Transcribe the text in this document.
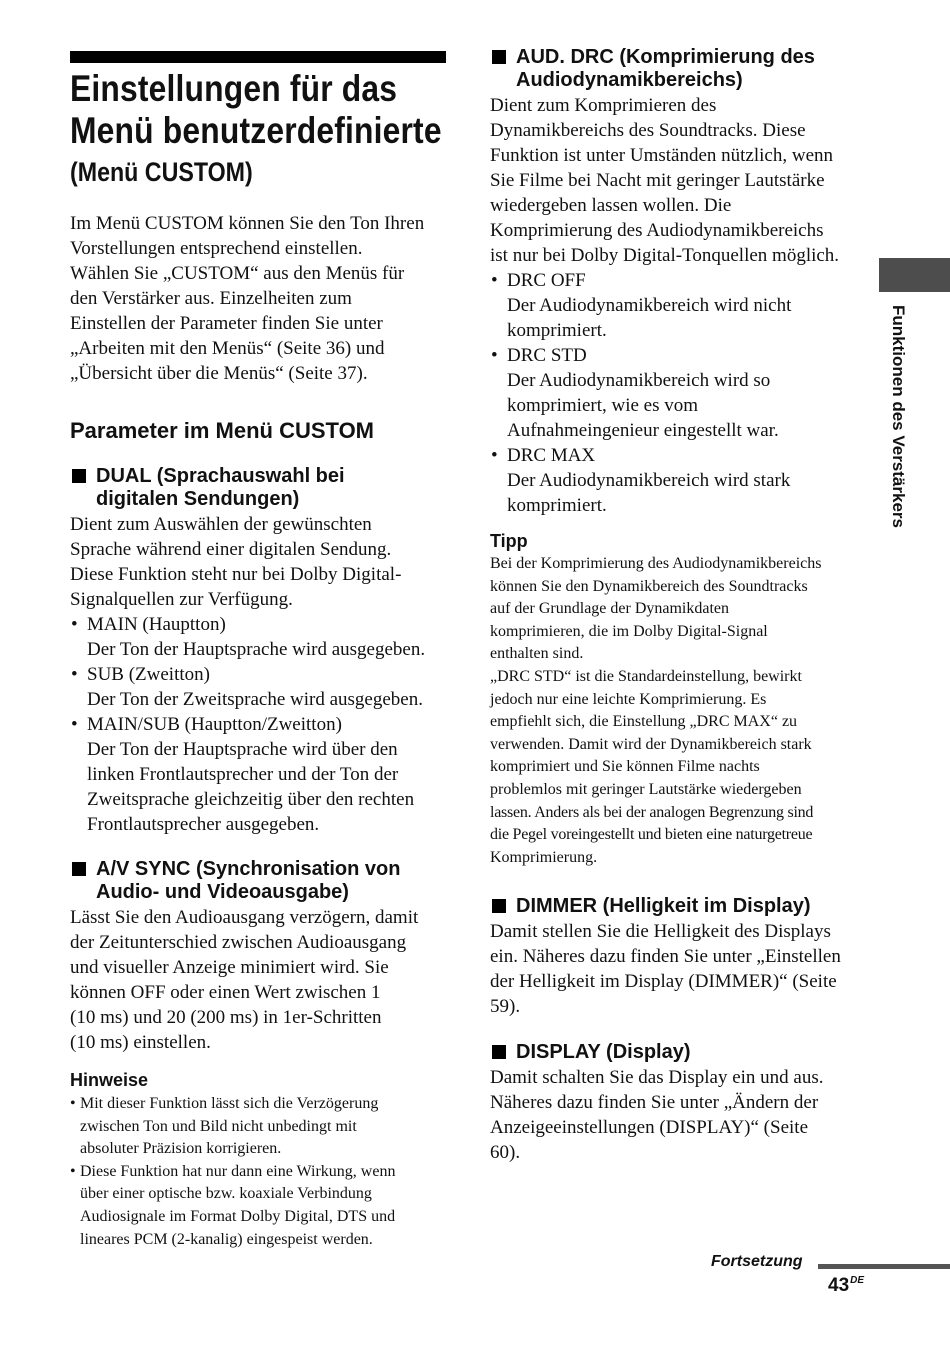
Einstellungen für das
Menü benutzerdefinierte
(Menü CUSTOM)

Im Menü CUSTOM können Sie den Ton Ihren

Vorstellungen entsprechend einstellen.

Wählen Sie „CUSTOM“ aus den Menüs für

den Verstärker aus. Einzelheiten zum

Einstellen der Parameter finden Sie unter

„Arbeiten mit den Menüs“ (Seite 36) und

„Übersicht über die Menüs“ (Seite 37).

Parameter im Menü CUSTOM
DUAL (Sprachauswahl bei
digitalen Sendungen)

Dient zum Auswählen der gewünschten

Sprache während einer digitalen Sendung.

Diese Funktion steht nur bei Dolby Digital-

Signalquellen zur Verfügung.

• MAIN (Hauptton)
Der Ton der Hauptsprache wird ausgegeben.
• SUB (Zweitton)
Der Ton der Zweitsprache wird ausgegeben.
• MAIN/SUB (Hauptton/Zweitton)
Der Ton der Hauptsprache wird über den
linken Frontlautsprecher und der Ton der
Zweitsprache gleichzeitig über den rechten
Frontlautsprecher ausgegeben.
A/V SYNC (Synchronisation von
Audio- und Videoausgabe)

Lässt Sie den Audioausgang verzögern, damit

der Zeitunterschied zwischen Audioausgang

und visueller Anzeige minimiert wird. Sie

können OFF oder einen Wert zwischen 1

(10 ms) und 20 (200 ms) in 1er-Schritten

(10 ms) einstellen.

Hinweise
• Mit dieser Funktion lässt sich die Verzögerung
zwischen Ton und Bild nicht unbedingt mit
absoluter Präzision korrigieren.
• Diese Funktion hat nur dann eine Wirkung, wenn
über einer optische bzw. koaxiale Verbindung
Audiosignale im Format Dolby Digital, DTS und
lineares PCM (2-kanalig) eingespeist werden.
AUD. DRC (Komprimierung des
Audiodynamikbereichs)

Dient zum Komprimieren des

Dynamikbereichs des Soundtracks. Diese

Funktion ist unter Umständen nützlich, wenn

Sie Filme bei Nacht mit geringer Lautstärke

wiedergeben lassen wollen. Die

Komprimierung des Audiodynamikbereichs

ist nur bei Dolby Digital-Tonquellen möglich.

• DRC OFF
Der Audiodynamikbereich wird nicht
komprimiert.
• DRC STD
Der Audiodynamikbereich wird so
komprimiert, wie es vom
Aufnahmeingenieur eingestellt war.
• DRC MAX
Der Audiodynamikbereich wird stark
komprimiert.
Tipp

Bei der Komprimierung des Audiodynamikbereichs

können Sie den Dynamikbereich des Soundtracks

auf der Grundlage der Dynamikdaten

komprimieren, die im Dolby Digital-Signal

enthalten sind.

„DRC STD“ ist die Standardeinstellung, bewirkt

jedoch nur eine leichte Komprimierung. Es

empfiehlt sich, die Einstellung „DRC MAX“ zu

verwenden. Damit wird der Dynamikbereich stark

komprimiert und Sie können Filme nachts

problemlos mit geringer Lautstärke wiedergeben

lassen. Anders als bei der analogen Begrenzung sind

die Pegel voreingestellt und bieten eine naturgetreue

Komprimierung.

DIMMER (Helligkeit im Display)

Damit stellen Sie die Helligkeit des Displays

ein. Näheres dazu finden Sie unter „Einstellen

der Helligkeit im Display (DIMMER)“ (Seite

59).

DISPLAY (Display)

Damit schalten Sie das Display ein und aus.

Näheres dazu finden Sie unter „Ändern der

Anzeigeeinstellungen (DISPLAY)“ (Seite

60).

Funktionen des Verstärkers
Fortsetzung
43DE
